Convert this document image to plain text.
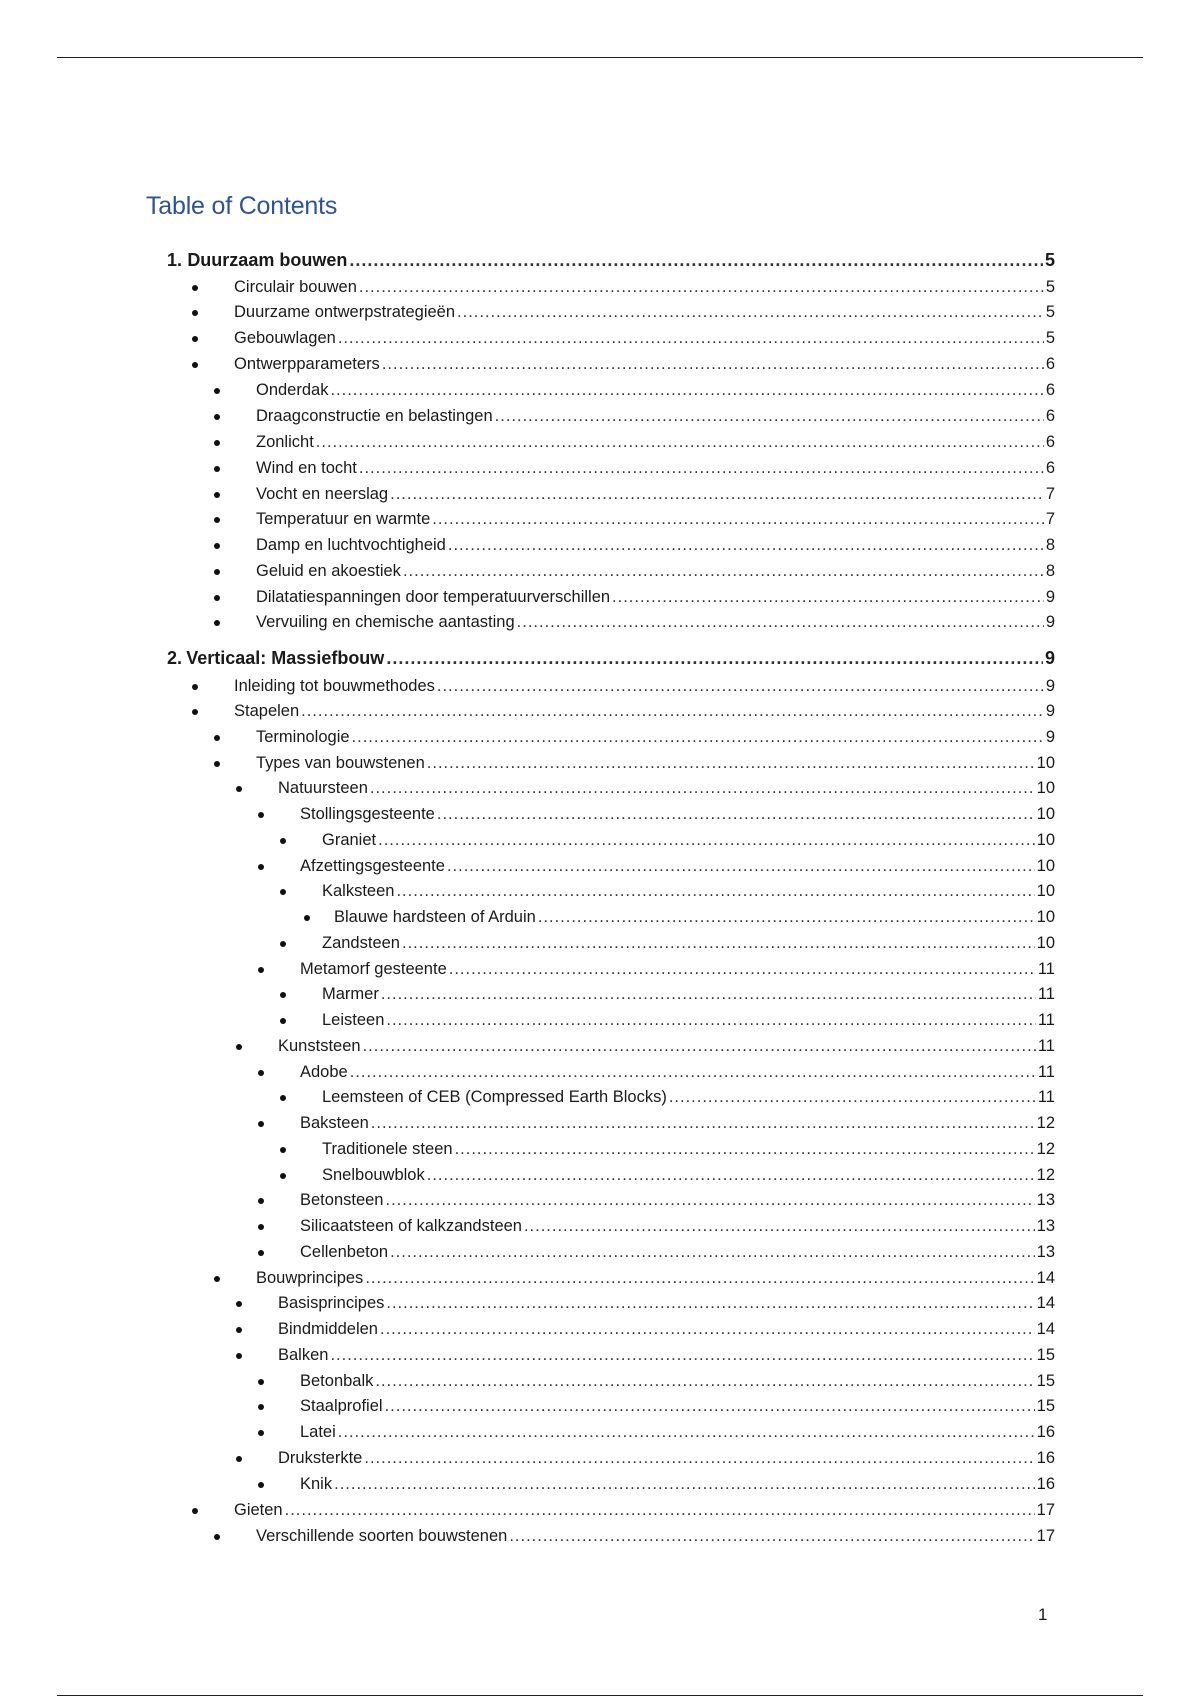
Table of Contents
1. Duurzaam bouwen .....	5
Circulair bouwen .....	5
Duurzame ontwerpstrategieën .....	5
Gebouwlagen .....	5
Ontwerpparameters .....	6
Onderdak .....	6
Draagconstructie en belastingen .....	6
Zonlicht .....	6
Wind en tocht .....	6
Vocht en neerslag .....	7
Temperatuur en warmte .....	7
Damp en luchtvochtigheid .....	8
Geluid en akoestiek .....	8
Dilatatiespanningen door temperatuurverschillen .....	9
Vervuiling en chemische aantasting .....	9
2. Verticaal: Massiefbouw .....	9
Inleiding tot bouwmethodes .....	9
Stapelen .....	9
Terminologie .....	9
Types van bouwstenen .....	10
Natuursteen .....	10
Stollingsgesteente .....	10
Graniet .....	10
Afzettingsgesteente .....	10
Kalksteen .....	10
Blauwe hardsteen of Arduin .....	10
Zandsteen .....	10
Metamorf gesteente .....	11
Marmer .....	11
Leisteen .....	11
Kunststeen .....	11
Adobe .....	11
Leemsteen of CEB (Compressed Earth Blocks) .....	11
Baksteen .....	12
Traditionele steen .....	12
Snelbouwblok .....	12
Betonsteen .....	13
Silicaatsteen of kalkzandsteen .....	13
Cellenbeton .....	13
Bouwprincipes .....	14
Basisprincipes .....	14
Bindmiddelen .....	14
Balken .....	15
Betonbalk .....	15
Staalprofiel .....	15
Latei .....	16
Druksterkte .....	16
Knik .....	16
Gieten .....	17
Verschillende soorten bouwstenen .....	17
1
